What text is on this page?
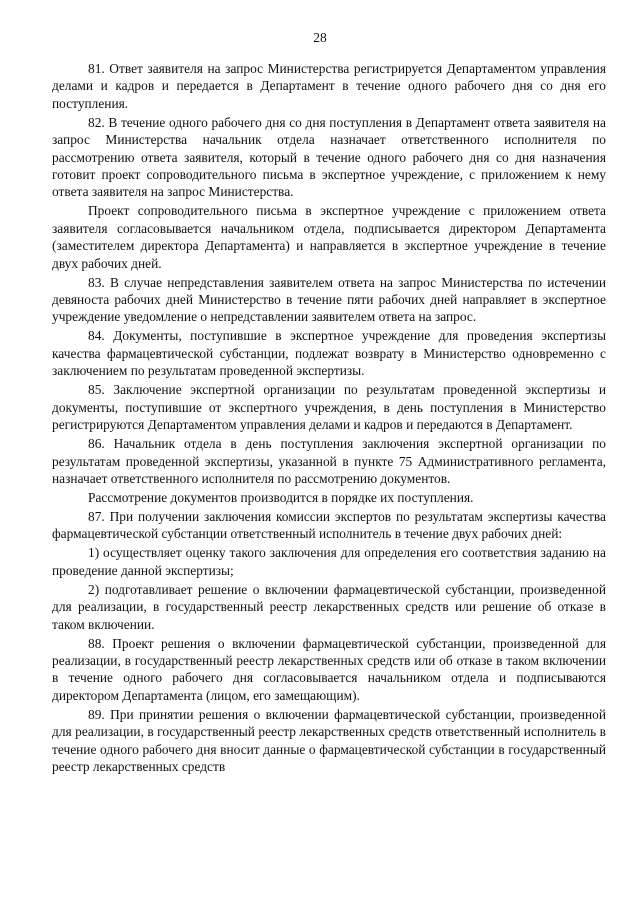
28

81. Ответ заявителя на запрос Министерства регистрируется Департаментом управления делами и кадров и передается в Департамент в течение одного рабочего дня со дня его поступления.

82. В течение одного рабочего дня со дня поступления в Департамент ответа заявителя на запрос Министерства начальник отдела назначает ответственного исполнителя по рассмотрению ответа заявителя, который в течение одного рабочего дня со дня назначения готовит проект сопроводительного письма в экспертное учреждение, с приложением к нему ответа заявителя на запрос Министерства.

Проект сопроводительного письма в экспертное учреждение с приложением ответа заявителя согласовывается начальником отдела, подписывается директором Департамента (заместителем директора Департамента) и направляется в экспертное учреждение в течение двух рабочих дней.

83. В случае непредставления заявителем ответа на запрос Министерства по истечении девяноста рабочих дней Министерство в течение пяти рабочих дней направляет в экспертное учреждение уведомление о непредставлении заявителем ответа на запрос.

84. Документы, поступившие в экспертное учреждение для проведения экспертизы качества фармацевтической субстанции, подлежат возврату в Министерство одновременно с заключением по результатам проведенной экспертизы.

85. Заключение экспертной организации по результатам проведенной экспертизы и документы, поступившие от экспертного учреждения, в день поступления в Министерство регистрируются Департаментом управления делами и кадров и передаются в Департамент.

86. Начальник отдела в день поступления заключения экспертной организации по результатам проведенной экспертизы, указанной в пункте 75 Административного регламента, назначает ответственного исполнителя по рассмотрению документов.

Рассмотрение документов производится в порядке их поступления.

87. При получении заключения комиссии экспертов по результатам экспертизы качества фармацевтической субстанции ответственный исполнитель в течение двух рабочих дней:

1) осуществляет оценку такого заключения для определения его соответствия заданию на проведение данной экспертизы;

2) подготавливает решение о включении фармацевтической субстанции, произведенной для реализации, в государственный реестр лекарственных средств или решение об отказе в таком включении.

88. Проект решения о включении фармацевтической субстанции, произведенной для реализации, в государственный реестр лекарственных средств или об отказе в таком включении в течение одного рабочего дня согласовывается начальником отдела и подписываются директором Департамента (лицом, его замещающим).

89. При принятии решения о включении фармацевтической субстанции, произведенной для реализации, в государственный реестр лекарственных средств ответственный исполнитель в течение одного рабочего дня вносит данные о фармацевтической субстанции в государственный реестр лекарственных средств
